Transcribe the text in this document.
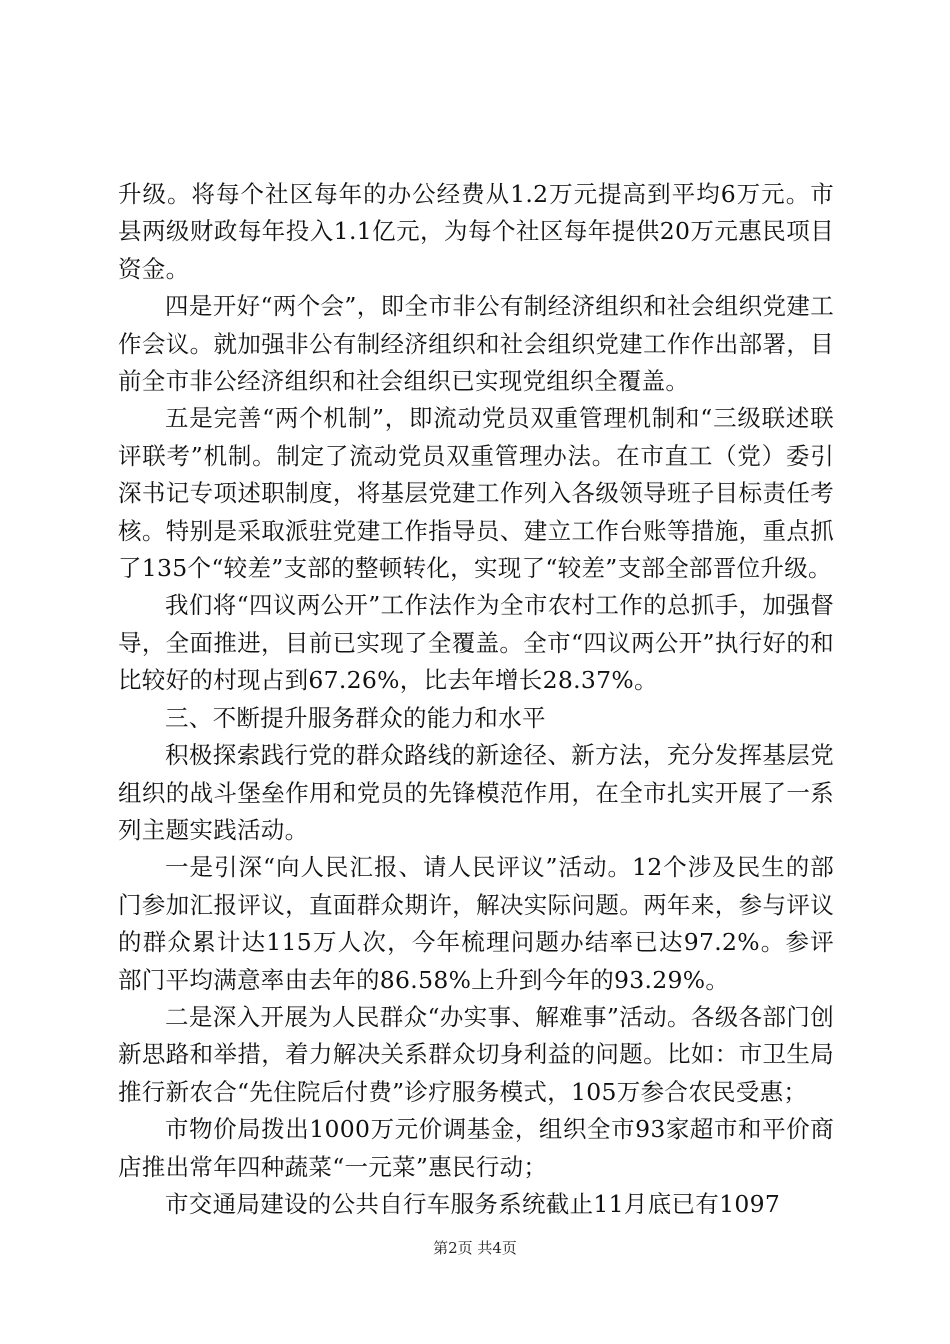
升级。将每个社区每年的办公经费从1.2万元提高到平均6万元。市县两级财政每年投入1.1亿元，为每个社区每年提供20万元惠民项目资金。

四是开好“两个会”，即全市非公有制经济组织和社会组织党建工作会议。就加强非公有制经济组织和社会组织党建工作作出部署，目前全市非公经济组织和社会组织已实现党组织全覆盖。

五是完善“两个机制”，即流动党员双重管理机制和“三级联述联评联考”机制。制定了流动党员双重管理办法。在市直工（党）委引深书记专项述职制度，将基层党建工作列入各级领导班子目标责任考核。特别是采取派驻党建工作指导员、建立工作台账等措施，重点抓了135个“较差”支部的整顿转化，实现了“较差”支部全部晋位升级。

我们将“四议两公开”工作法作为全市农村工作的总抓手，加强督导，全面推进，目前已实现了全覆盖。全市“四议两公开”执行好的和比较好的村现占到67.26%，比去年增长28.37%。

三、不断提升服务群众的能力和水平

积极探索践行党的群众路线的新途径、新方法，充分发挥基层党组织的战斗堡垒作用和党员的先锋模范作用，在全市扎实开展了一系列主题实践活动。

一是引深“向人民汇报、请人民评议”活动。12个涉及民生的部门参加汇报评议，直面群众期许，解决实际问题。两年来，参与评议的群众累计达115万人次，今年梳理问题办结率已达97.2%。参评部门平均满意率由去年的86.58%上升到今年的93.29%。

二是深入开展为人民群众“办实事、解难事”活动。各级各部门创新思路和举措，着力解决关系群众切身利益的问题。比如：市卫生局推行新农合“先住院后付费”诊疗服务模式，105万参合农民受惠；

市物价局拨出1000万元价调基金，组织全市93家超市和平价商店推出常年四种蔬菜“一元菜”惠民行动；

市交通局建设的公共自行车服务系统截止11月底已有1097

第2页 共4页
